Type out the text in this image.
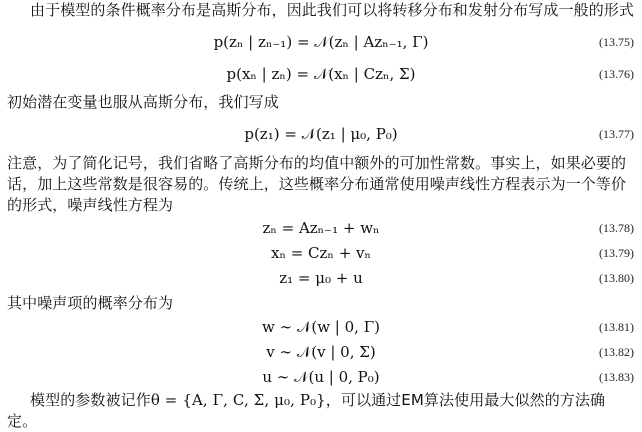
由于模型的条件概率分布是高斯分布，因此我们可以将转移分布和发射分布写成一般的形式
p(zₙ | zₙ₋₁) = 𝒩(zₙ | Azₙ₋₁, Γ)	(13.75)
p(xₙ | zₙ) = 𝒩(xₙ | Czₙ, Σ)	(13.76)
初始潜在变量也服从高斯分布，我们写成
p(z₁) = 𝒩(z₁ | μ₀, P₀)	(13.77)
注意，为了简化记号，我们省略了高斯分布的均值中额外的可加性常数。事实上，如果必要的话，加上这些常数是很容易的。传统上，这些概率分布通常使用噪声线性方程表示为一个等价的形式，噪声线性方程为
zₙ = Azₙ₋₁ + wₙ	(13.78)
xₙ = Czₙ + vₙ	(13.79)
z₁ = μ₀ + u	(13.80)
其中噪声项的概率分布为
w ∼ 𝒩(w | 0, Γ)	(13.81)
v ∼ 𝒩(v | 0, Σ)	(13.82)
u ∼ 𝒩(u | 0, P₀)	(13.83)
模型的参数被记作θ = {A, Γ, C, Σ, μ₀, P₀}，可以通过EM算法使用最大似然的方法确定。
